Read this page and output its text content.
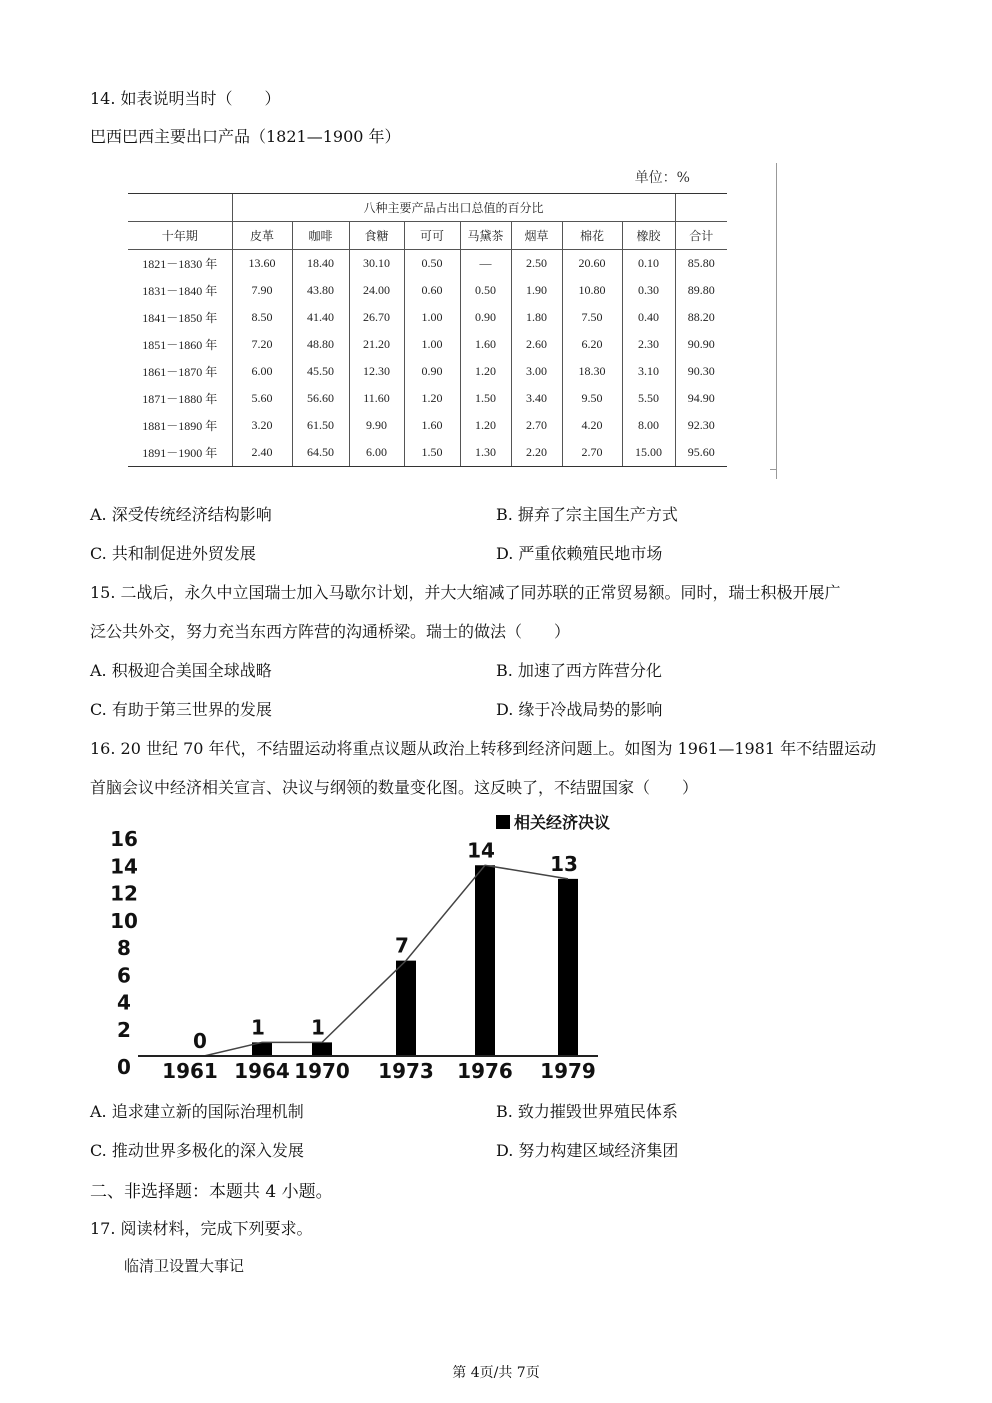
14. 如表说明当时（　　）
巴西巴西主要出口产品（1821—1900 年）
单位：%
	八种主要产品占出口总值的百分比								
十年期	皮革	咖啡	食糖	可可	马黛茶	烟草	棉花	橡胶	合计
1821－1830 年	13.60	18.40	30.10	0.50	—	2.50	20.60	0.10	85.80
1831－1840 年	7.90	43.80	24.00	0.60	0.50	1.90	10.80	0.30	89.80
1841－1850 年	8.50	41.40	26.70	1.00	0.90	1.80	7.50	0.40	88.20
1851－1860 年	7.20	48.80	21.20	1.00	1.60	2.60	6.20	2.30	90.90
1861－1870 年	6.00	45.50	12.30	0.90	1.20	3.00	18.30	3.10	90.30
1871－1880 年	5.60	56.60	11.60	1.20	1.50	3.40	9.50	5.50	94.90
1881－1890 年	3.20	61.50	9.90	1.60	1.20	2.70	4.20	8.00	92.30
1891－1900 年	2.40	64.50	6.00	1.50	1.30	2.20	2.70	15.00	95.60
A. 深受传统经济结构影响	B. 摒弃了宗主国生产方式
C. 共和制促进外贸发展	D. 严重依赖殖民地市场
15. 二战后，永久中立国瑞士加入马歇尔计划，并大大缩减了同苏联的正常贸易额。同时，瑞士积极开展广
泛公共外交，努力充当东西方阵营的沟通桥梁。瑞士的做法（　　）
A. 积极迎合美国全球战略	B. 加速了西方阵营分化
C. 有助于第三世界的发展	D. 缘于冷战局势的影响
16. 20 世纪 70 年代，不结盟运动将重点议题从政治上转移到经济问题上。如图为 1961—1981 年不结盟运动
首脑会议中经济相关宣言、决议与纲领的数量变化图。这反映了，不结盟国家（　　）
相关经济决议
0
2
4
6
8
10
12
14
16
0
1 1
7
14
13
1961 1964 1970 1973 1976 1979
A. 追求建立新的国际治理机制	B. 致力摧毁世界殖民体系
C. 推动世界多极化的深入发展	D. 努力构建区域经济集团
二、非选择题：本题共 4 小题。
17. 阅读材料，完成下列要求。
临清卫设置大事记
第 4页/共 7页
